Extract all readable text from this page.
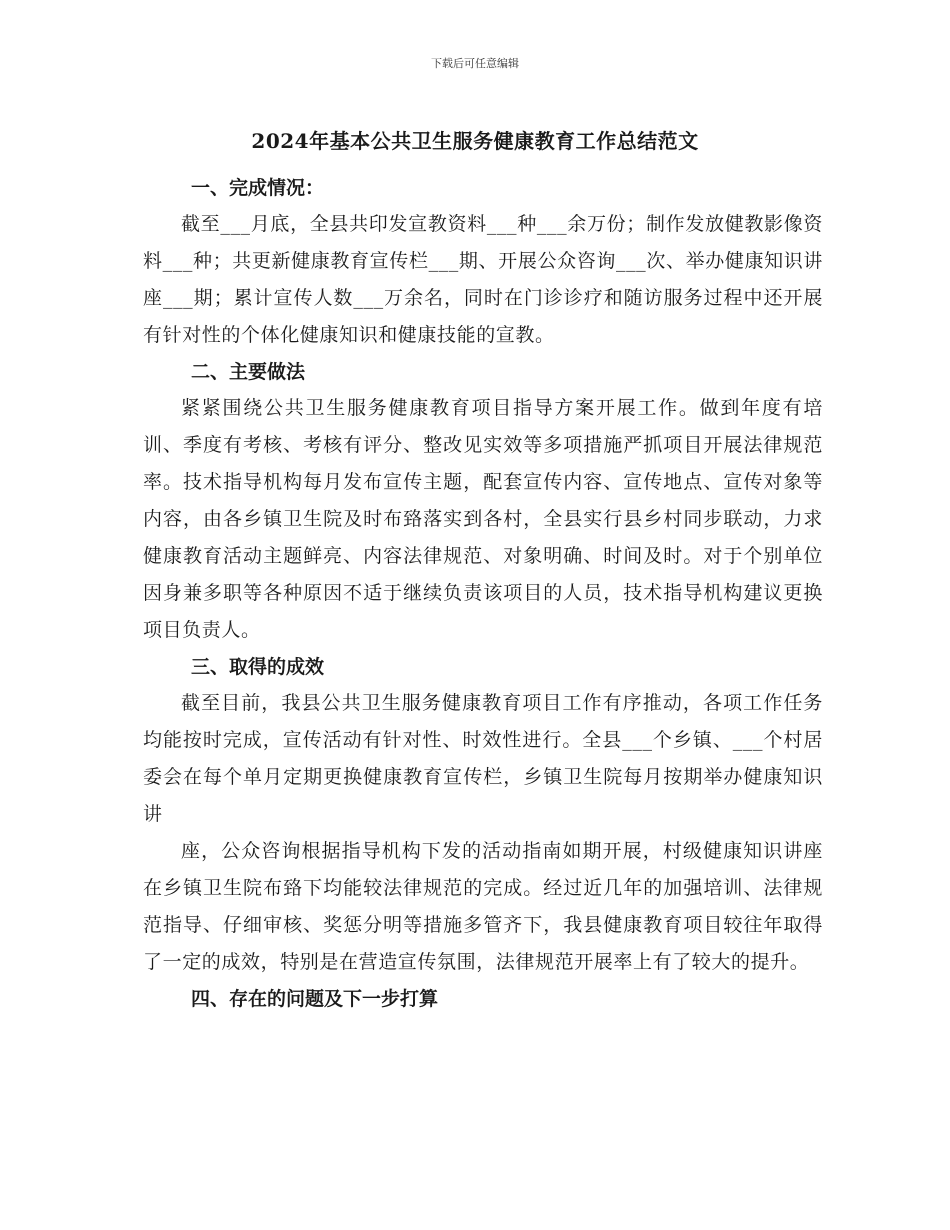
下载后可任意编辑
2024年基本公共卫生服务健康教育工作总结范文

一、完成情况：

截至___月底，全县共印发宣教资料___种___余万份；制作发放健教影像资料___种；共更新健康教育宣传栏___期、开展公众咨询___次、举办健康知识讲座___期；累计宣传人数___万余名，同时在门诊诊疗和随访服务过程中还开展有针对性的个体化健康知识和健康技能的宣教。

二、主要做法

紧紧围绕公共卫生服务健康教育项目指导方案开展工作。做到年度有培训、季度有考核、考核有评分、整改见实效等多项措施严抓项目开展法律规范率。技术指导机构每月发布宣传主题，配套宣传内容、宣传地点、宣传对象等内容，由各乡镇卫生院及时布臵落实到各村，全县实行县乡村同步联动，力求健康教育活动主题鲜亮、内容法律规范、对象明确、时间及时。对于个别单位因身兼多职等各种原因不适于继续负责该项目的人员，技术指导机构建议更换项目负责人。

三、取得的成效

截至目前，我县公共卫生服务健康教育项目工作有序推动，各项工作任务均能按时完成，宣传活动有针对性、时效性进行。全县___个乡镇、___个村居委会在每个单月定期更换健康教育宣传栏，乡镇卫生院每月按期举办健康知识讲

座，公众咨询根据指导机构下发的活动指南如期开展，村级健康知识讲座在乡镇卫生院布臵下均能较法律规范的完成。经过近几年的加强培训、法律规范指导、仔细审核、奖惩分明等措施多管齐下，我县健康教育项目较往年取得了一定的成效，特别是在营造宣传氛围，法律规范开展率上有了较大的提升。

四、存在的问题及下一步打算
